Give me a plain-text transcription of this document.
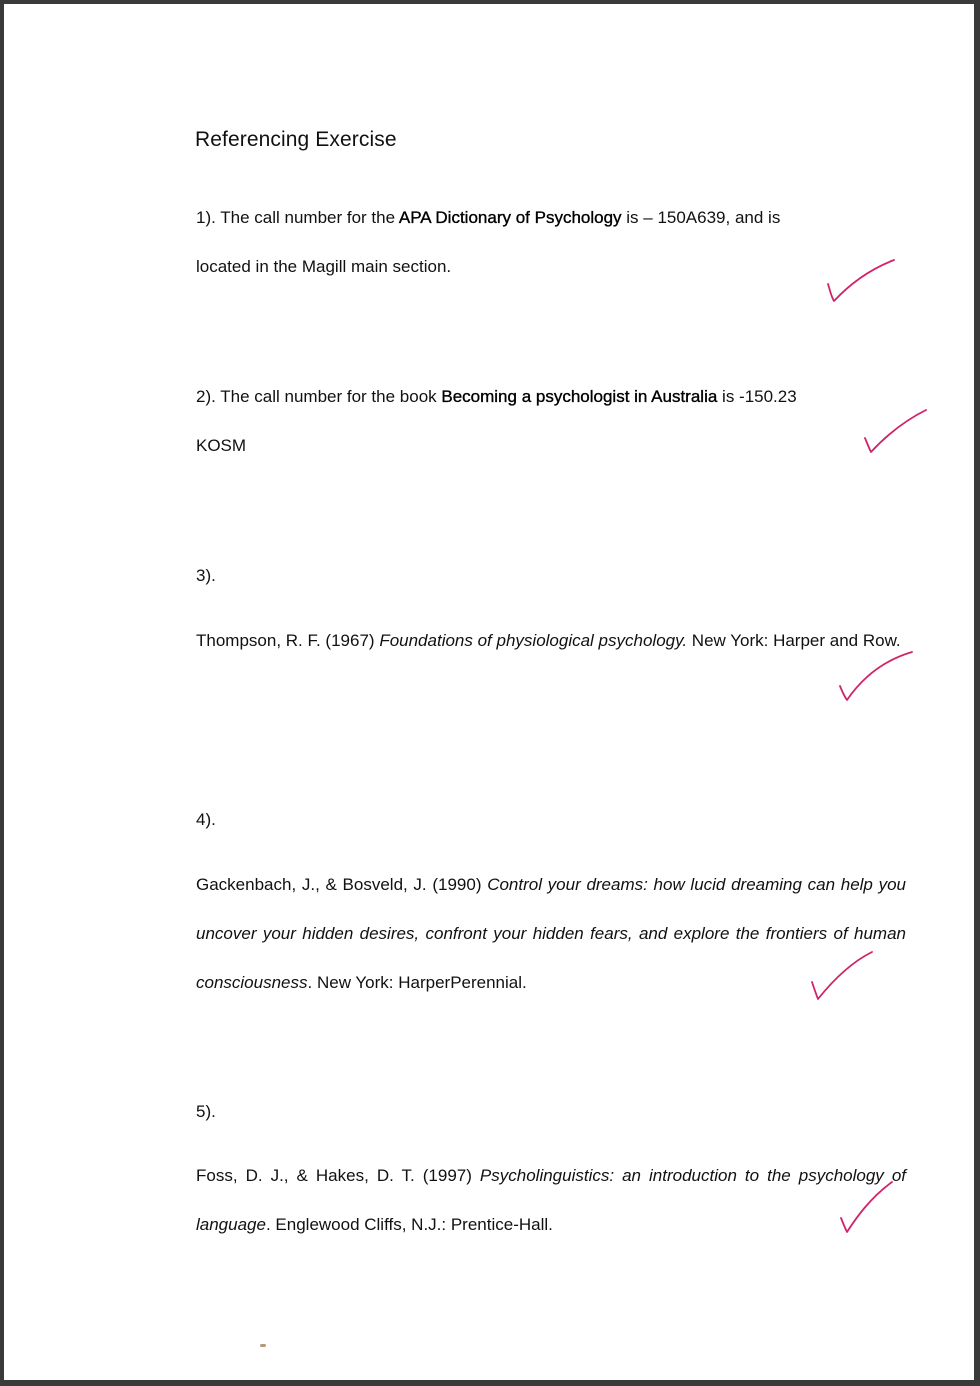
Referencing Exercise

1). The call number for the APA Dictionary of Psychology is – 150A639, and is
located in the Magill main section.

2). The call number for the book Becoming a psychologist in Australia is -150.23
KOSM

3).

Thompson, R. F. (1967) Foundations of physiological psychology. New York: Harper and Row.

4).

Gackenbach, J., & Bosveld, J. (1990) Control your dreams: how lucid dreaming can help you uncover your hidden desires, confront your hidden fears, and explore the frontiers of human consciousness. New York: HarperPerennial.

5).

Foss, D. J., & Hakes, D. T. (1997) Psycholinguistics: an introduction to the psychology of language. Englewood Cliffs, N.J.: Prentice-Hall.
